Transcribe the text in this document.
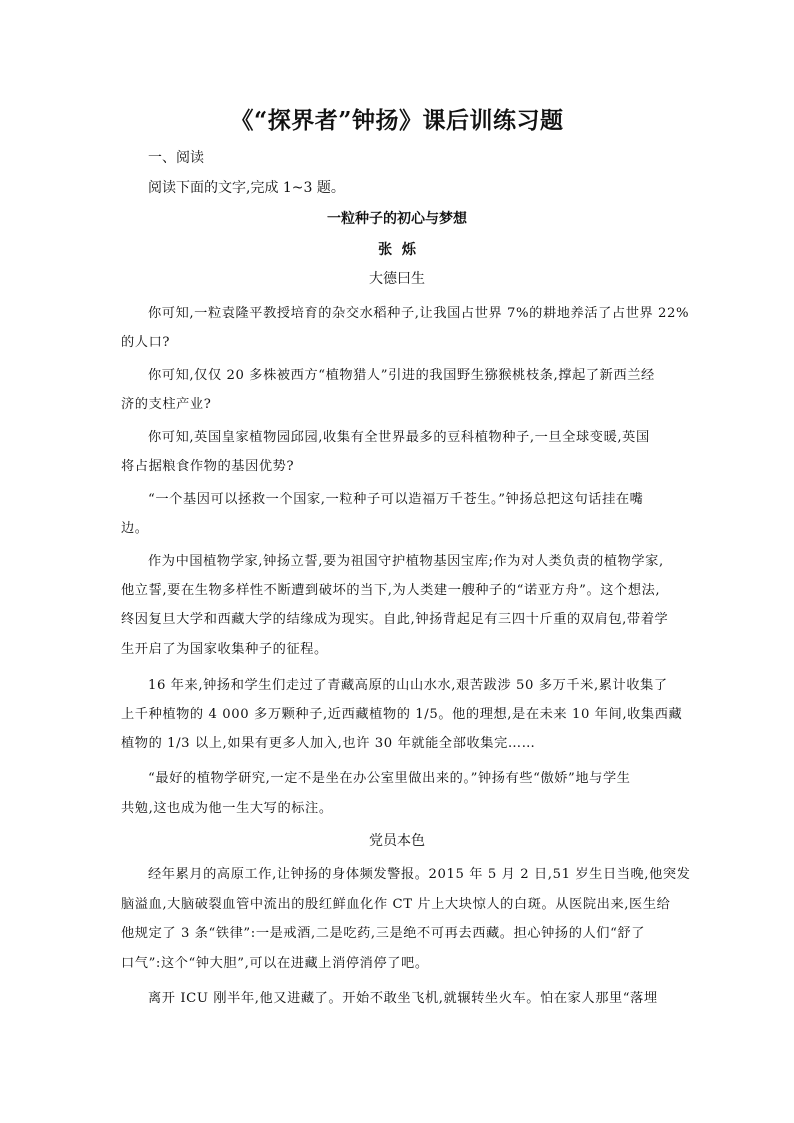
《“探界者”钟扬》课后训练习题
一、阅读
阅读下面的文字,完成 1~3 题。
一粒种子的初心与梦想
张  烁
大德曰生
你可知,一粒袁隆平教授培育的杂交水稻种子,让我国占世界 7%的耕地养活了占世界 22%
的人口?
你可知,仅仅 20 多株被西方“植物猎人”引进的我国野生猕猴桃枝条,撑起了新西兰经
济的支柱产业?
你可知,英国皇家植物园邱园,收集有全世界最多的豆科植物种子,一旦全球变暖,英国
将占据粮食作物的基因优势?
“一个基因可以拯救一个国家,一粒种子可以造福万千苍生。”钟扬总把这句话挂在嘴
边。
作为中国植物学家,钟扬立誓,要为祖国守护植物基因宝库;作为对人类负责的植物学家,
他立誓,要在生物多样性不断遭到破坏的当下,为人类建一艘种子的“诺亚方舟”。这个想法,
终因复旦大学和西藏大学的结缘成为现实。自此,钟扬背起足有三四十斤重的双肩包,带着学
生开启了为国家收集种子的征程。
16 年来,钟扬和学生们走过了青藏高原的山山水水,艰苦跋涉 50 多万千米,累计收集了
上千种植物的 4 000 多万颗种子,近西藏植物的 1/5。他的理想,是在未来 10 年间,收集西藏
植物的 1/3 以上,如果有更多人加入,也许 30 年就能全部收集完……
“最好的植物学研究,一定不是坐在办公室里做出来的。”钟扬有些“傲娇”地与学生
共勉,这也成为他一生大写的标注。
党员本色
经年累月的高原工作,让钟扬的身体频发警报。2015 年 5 月 2 日,51 岁生日当晚,他突发
脑溢血,大脑破裂血管中流出的殷红鲜血化作 CT 片上大块惊人的白斑。从医院出来,医生给
他规定了 3 条“铁律”:一是戒酒,二是吃药,三是绝不可再去西藏。担心钟扬的人们“舒了
口气”:这个“钟大胆”,可以在进藏上消停消停了吧。
离开 ICU 刚半年,他又进藏了。开始不敢坐飞机,就辗转坐火车。怕在家人那里“落埋
